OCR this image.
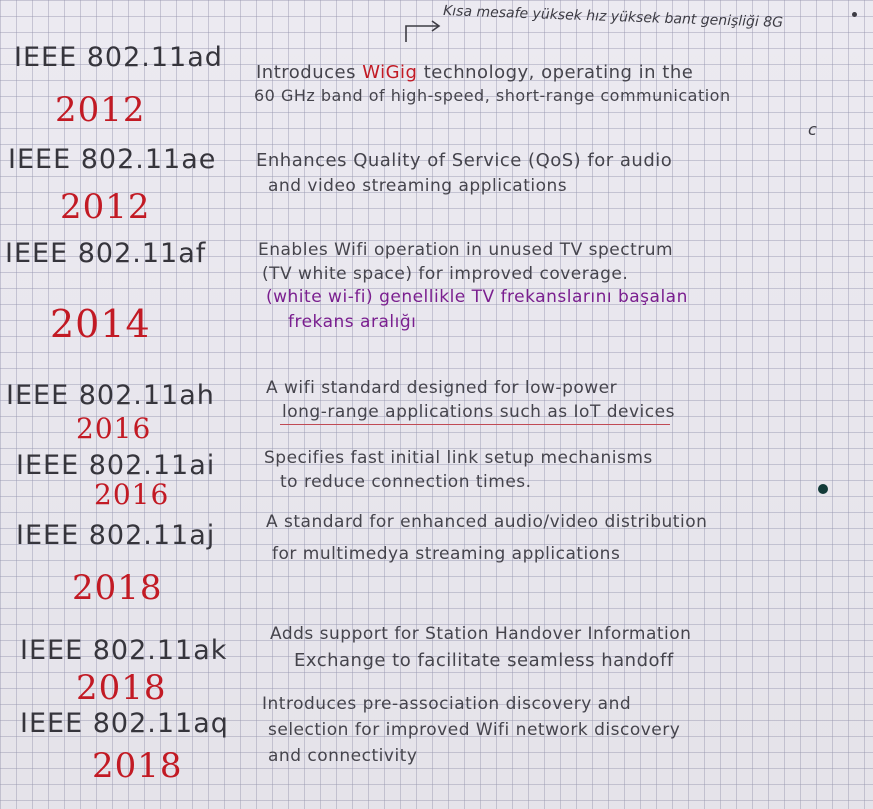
Kısa mesafe yüksek hız yüksek bant genişliği 8G
IEEE 802.11ad
2012
Introduces WiGig technology, operating in the
60 GHz band of high-speed, short-range communication
IEEE 802.11ae
2012
Enhances Quality of Service (QoS) for audio
and video streaming applications
c
IEEE 802.11af
2014
Enables Wifi operation in unused TV spectrum
(TV white space) for improved coverage.
(white wi-fi) genellikle TV frekanslarını başalan
frekans aralığı
IEEE 802.11ah
2016
A wifi standard designed for low-power
long-range applications such as IoT devices
IEEE 802.11ai
2016
Specifies fast initial link setup mechanisms
to reduce connection times.
IEEE 802.11aj
2018
A standard for enhanced audio/video distribution
for multimedya streaming applications
IEEE 802.11ak
2018
Adds support for Station Handover Information
Exchange to facilitate seamless handoff
IEEE 802.11aq
2018
Introduces pre-association discovery and
selection for improved Wifi network discovery
and connectivity
